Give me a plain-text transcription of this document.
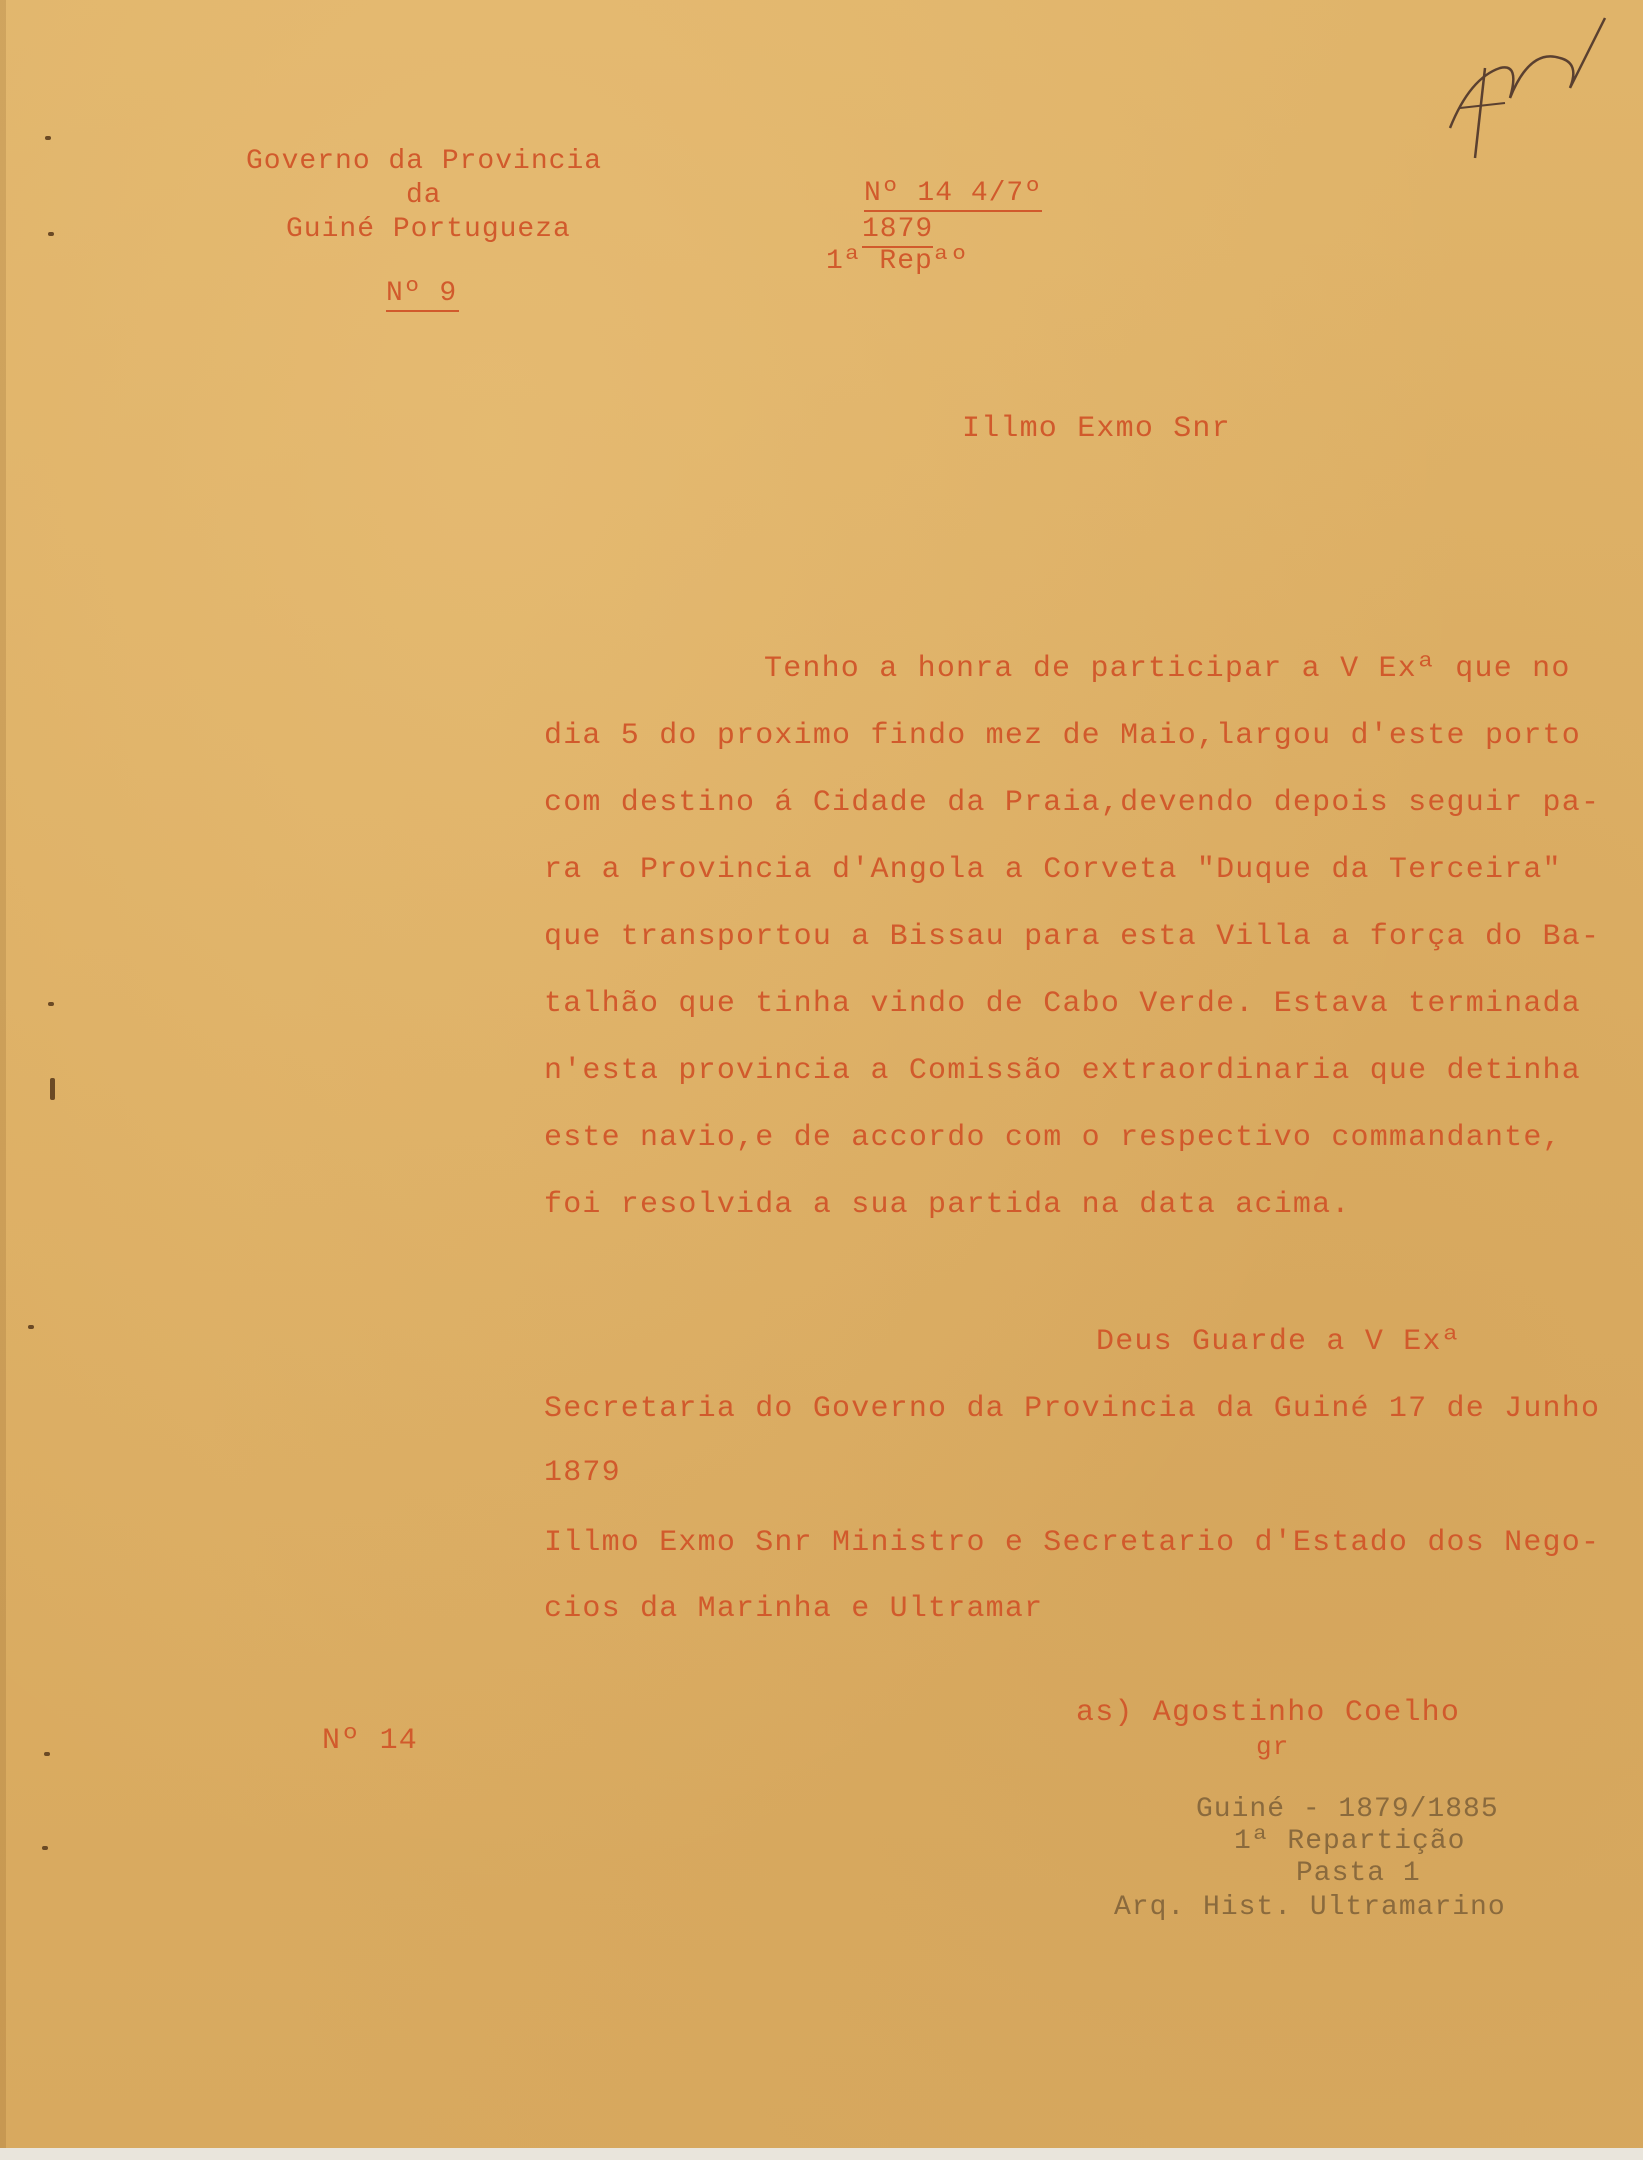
Governo da Provincia
da
Guiné Portugueza
Nº 9
Nº 14 4/7º
1879
1ª Repªº
Illmo Exmo Snr
Tenho a honra de participar a V Exª que no
dia 5 do proximo findo mez de Maio,largou d'este porto
com destino á Cidade da Praia,devendo depois seguir pa-
ra a Provincia d'Angola a Corveta "Duque da Terceira"
que transportou a Bissau para esta Villa a força do Ba-
talhão que tinha vindo de Cabo Verde. Estava terminada
n'esta provincia a Comissão extraordinaria que detinha
este navio,e de accordo com o respectivo commandante,
foi resolvida a sua partida na data acima.
Deus Guarde a V Exª
Secretaria do Governo da Provincia da Guiné 17 de Junho
1879
Illmo Exmo Snr Ministro e Secretario d'Estado dos Nego-
cios da Marinha e Ultramar
Nº 14
as) Agostinho Coelho
gr
Guiné - 1879/1885
1ª Repartição
Pasta 1
Arq. Hist. Ultramarino
